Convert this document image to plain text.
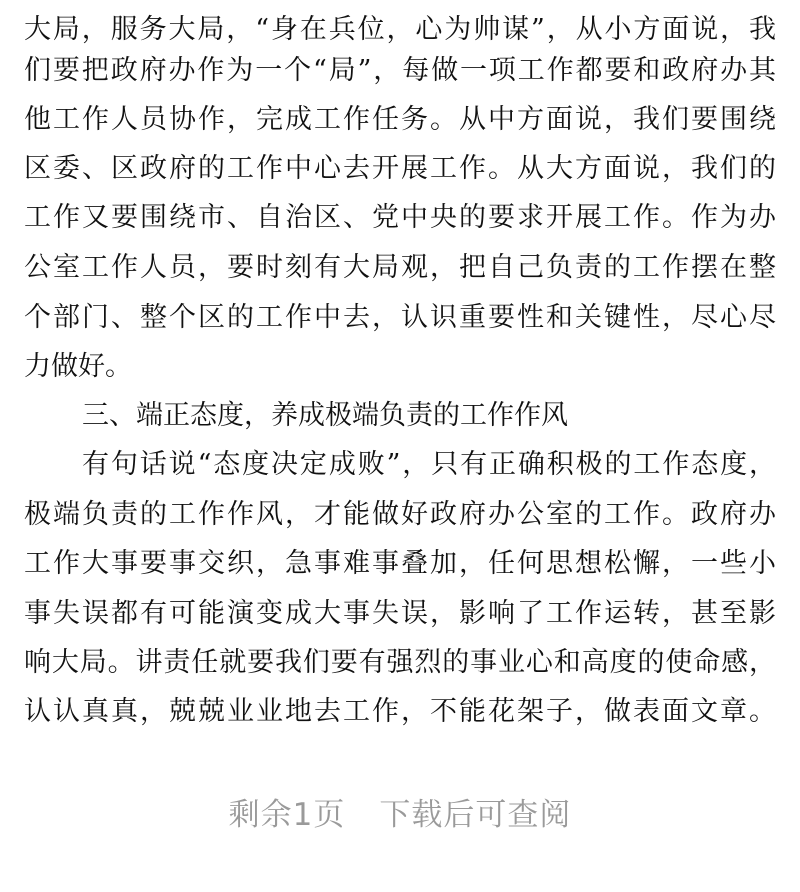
大局，服务大局，“身在兵位，心为帅谋”，从小方面说，我
们要把政府办作为一个“局”，每做一项工作都要和政府办其
他工作人员协作，完成工作任务。从中方面说，我们要围绕
区委、区政府的工作中心去开展工作。从大方面说，我们的
工作又要围绕市、自治区、党中央的要求开展工作。作为办
公室工作人员，要时刻有大局观，把自己负责的工作摆在整
个部门、整个区的工作中去，认识重要性和关键性，尽心尽
力做好。
三、端正态度，养成极端负责的工作作风
有句话说“态度决定成败”，只有正确积极的工作态度，
极端负责的工作作风，才能做好政府办公室的工作。政府办
工作大事要事交织，急事难事叠加，任何思想松懈，一些小
事失误都有可能演变成大事失误，影响了工作运转，甚至影
响大局。讲责任就要我们要有强烈的事业心和高度的使命感，
认认真真，兢兢业业地去工作，不能花架子，做表面文章。
剩余1页 下载后可查阅
